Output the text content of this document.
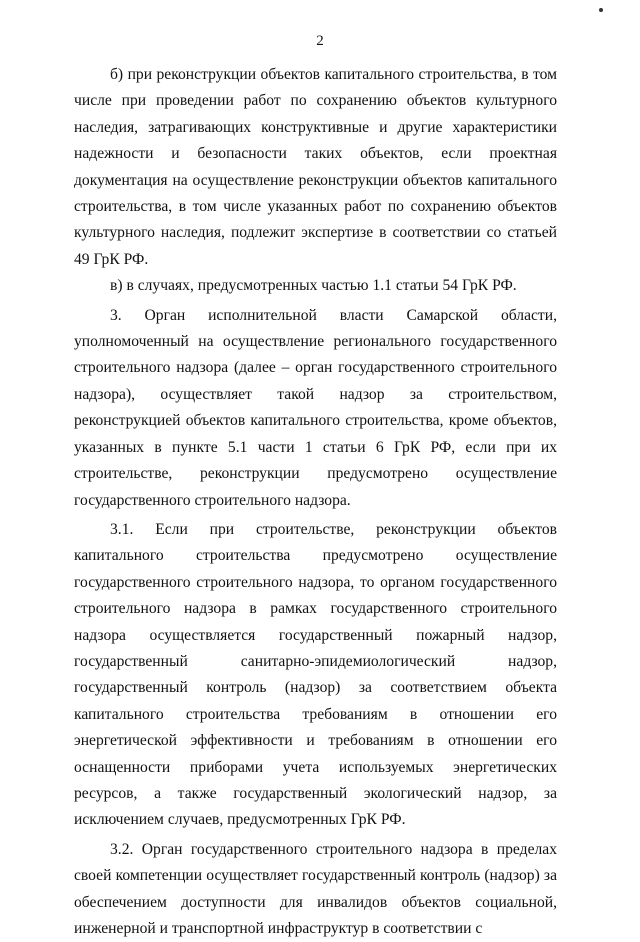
2

б) при реконструкции объектов капитального строительства, в том числе при проведении работ по сохранению объектов культурного наследия, затрагивающих конструктивные и другие характеристики надежности и безопасности таких объектов, если проектная документация на осуществление реконструкции объектов капитального строительства, в том числе указанных работ по сохранению объектов культурного наследия, подлежит экспертизе в соответствии со статьей 49 ГрК РФ.

в) в случаях, предусмотренных частью 1.1 статьи 54 ГрК РФ.

3. Орган исполнительной власти Самарской области, уполномоченный на осуществление регионального государственного строительного надзора (далее – орган государственного строительного надзора), осуществляет такой надзор за строительством, реконструкцией объектов капитального строительства, кроме объектов, указанных в пункте 5.1 части 1 статьи 6 ГрК РФ, если при их строительстве, реконструкции предусмотрено осуществление государственного строительного надзора.

3.1. Если при строительстве, реконструкции объектов капитального строительства предусмотрено осуществление государственного строительного надзора, то органом государственного строительного надзора в рамках государственного строительного надзора осуществляется государственный пожарный надзор, государственный санитарно-эпидемиологический надзор, государственный контроль (надзор) за соответствием объекта капитального строительства требованиям в отношении его энергетической эффективности и требованиям в отношении его оснащенности приборами учета используемых энергетических ресурсов, а также государственный экологический надзор, за исключением случаев, предусмотренных ГрК РФ.

3.2. Орган государственного строительного надзора в пределах своей компетенции осуществляет государственный контроль (надзор) за обеспечением доступности для инвалидов объектов социальной, инженерной и транспортной инфраструктур в соответствии с
